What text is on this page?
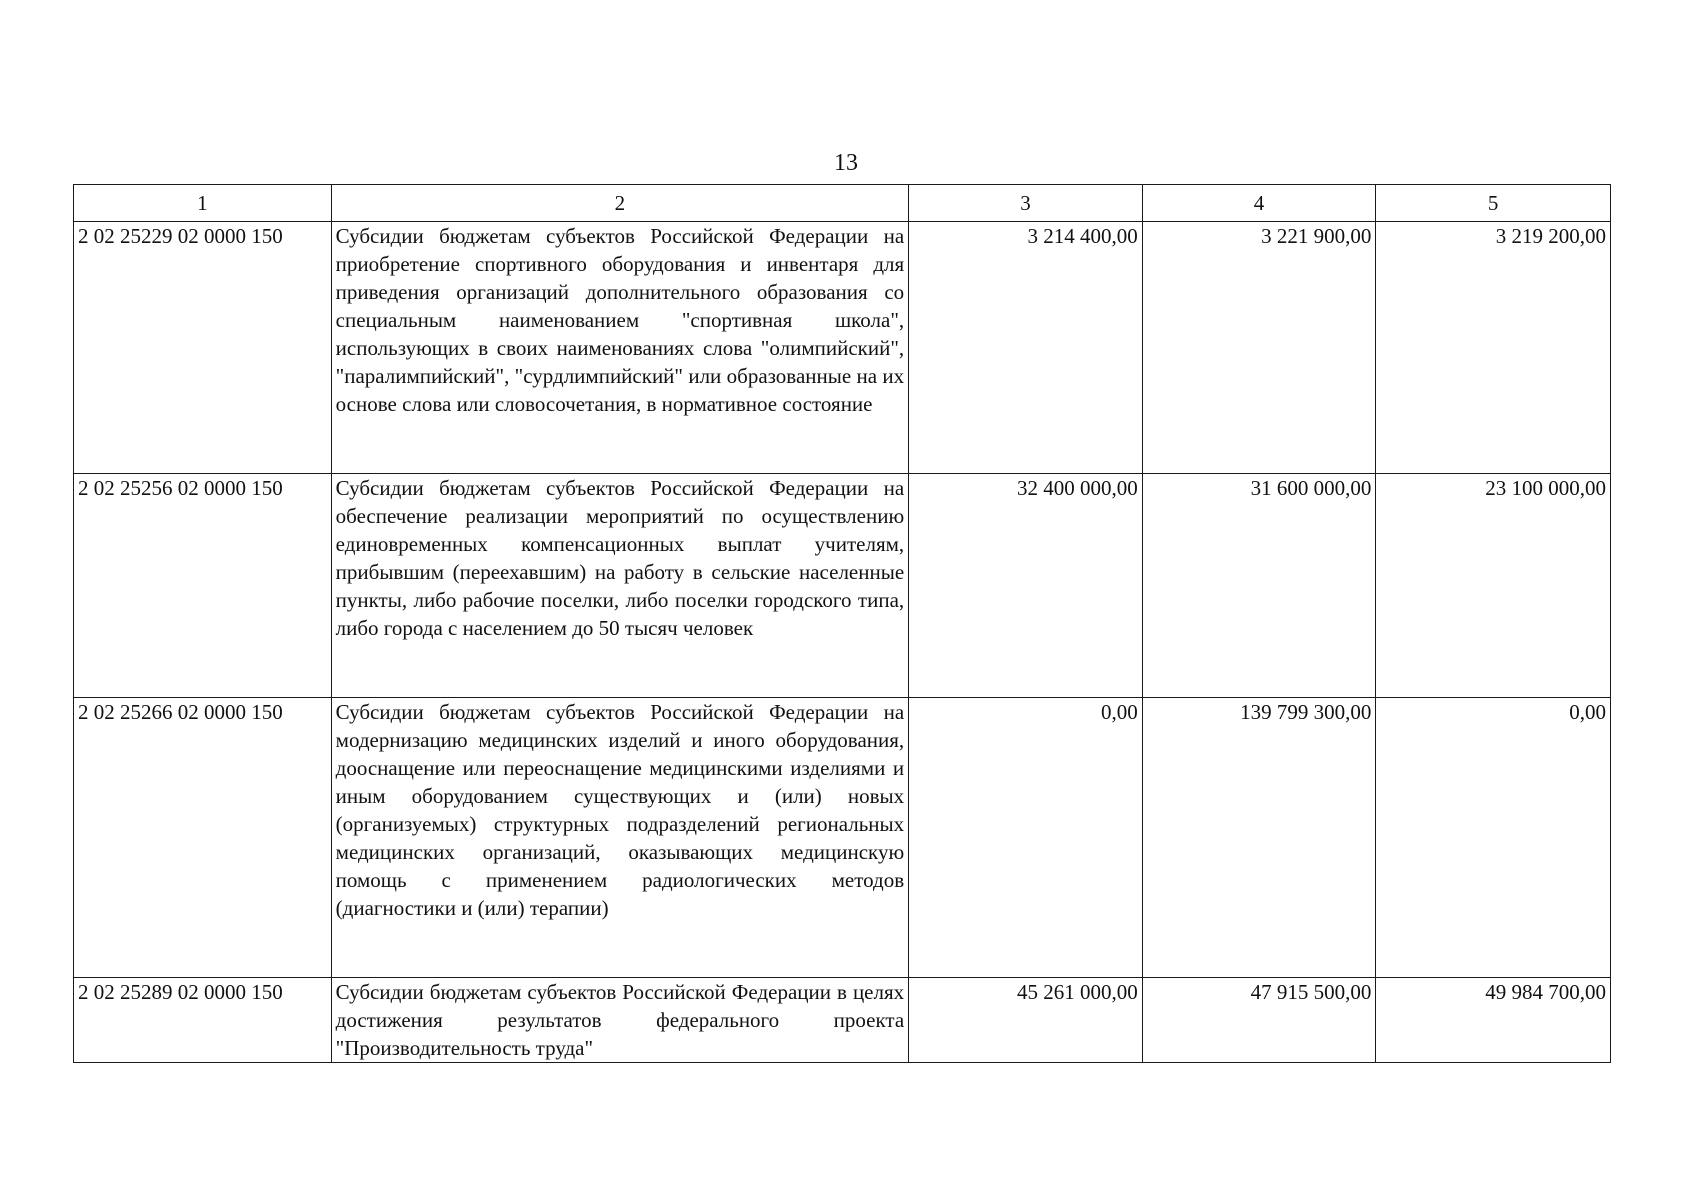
13
1	2	3	4	5
2 02 25229 02 0000 150	Субсидии бюджетам субъектов Российской Федерации на приобретение спортивного оборудования и инвентаря для приведения организаций дополнительного образования со специальным наименованием "спортивная школа", использующих в своих наименованиях слова "олимпийский", "паралимпийский", "сурдлимпийский" или образованные на их основе слова или словосочетания, в нормативное состояние	3 214 400,00	3 221 900,00	3 219 200,00
2 02 25256 02 0000 150	Субсидии бюджетам субъектов Российской Федерации на обеспечение реализации мероприятий по осуществлению единовременных компенсационных выплат учителям, прибывшим (переехавшим) на работу в сельские населенные пункты, либо рабочие поселки, либо поселки городского типа, либо города с населением до 50 тысяч человек	32 400 000,00	31 600 000,00	23 100 000,00
2 02 25266 02 0000 150	Субсидии бюджетам субъектов Российской Федерации на модернизацию медицинских изделий и иного оборудования, дооснащение или переоснащение медицинскими изделиями и иным оборудованием существующих и (или) новых (организуемых) структурных подразделений региональных медицинских организаций, оказывающих медицинскую помощь с применением радиологических методов (диагностики и (или) терапии)	0,00	139 799 300,00	0,00
2 02 25289 02 0000 150	Субсидии бюджетам субъектов Российской Федерации в целях достижения результатов федерального проекта "Производительность труда"	45 261 000,00	47 915 500,00	49 984 700,00
